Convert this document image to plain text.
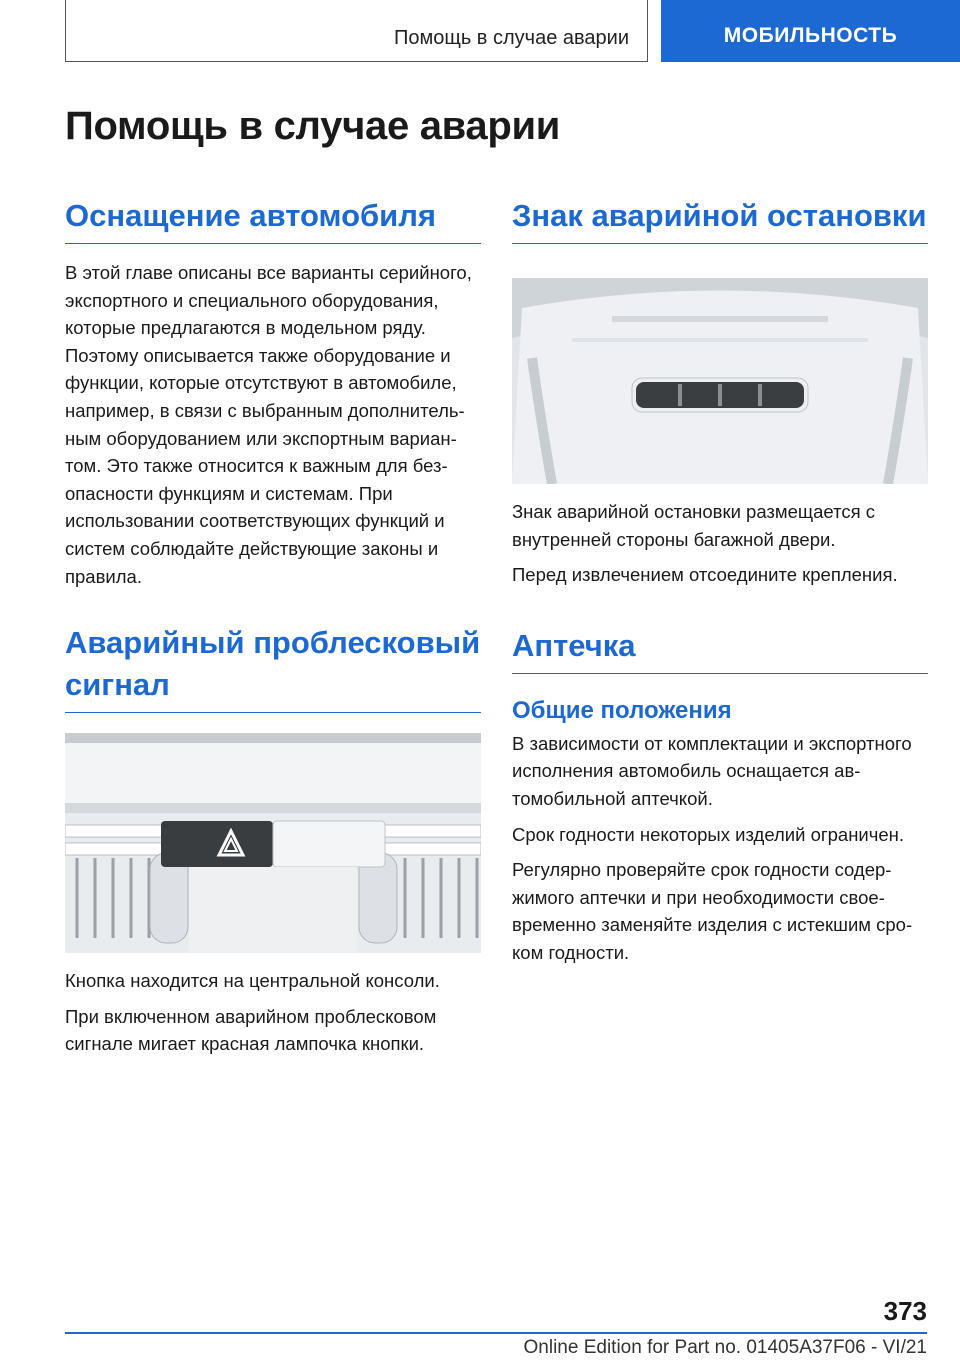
Помощь в случае аварии	МОБИЛЬНОСТЬ
Помощь в случае аварии
Оснащение автомобиля

В этой главе описаны все варианты серийного, экспортного и специального оборудования, которые предлагаются в модельном ряду. Поэтому описывается также оборудование и функции, которые отсутствуют в автомобиле, например, в связи с выбранным дополнительным оборудованием или экспортным вариантом. Это также относится к важным для безопасности функциям и системам. При использовании соответствующих функций и систем соблюдайте действующие законы и правила.

Аварийный проблесковый сигнал

Кнопка находится на центральной консоли.

При включенном аварийном проблесковом сигнале мигает красная лампочка кнопки.

Знак аварийной остановки

Знак аварийной остановки размещается с внутренней стороны багажной двери.

Перед извлечением отсоедините крепления.

Аптечка
Общие положения

В зависимости от комплектации и экспортного исполнения автомобиль оснащается автомобильной аптечкой.

Срок годности некоторых изделий ограничен.

Регулярно проверяйте срок годности содержимого аптечки и при необходимости своевременно заменяйте изделия с истекшим сроком годности.

373
Online Edition for Part no. 01405A37F06 - VI/21
